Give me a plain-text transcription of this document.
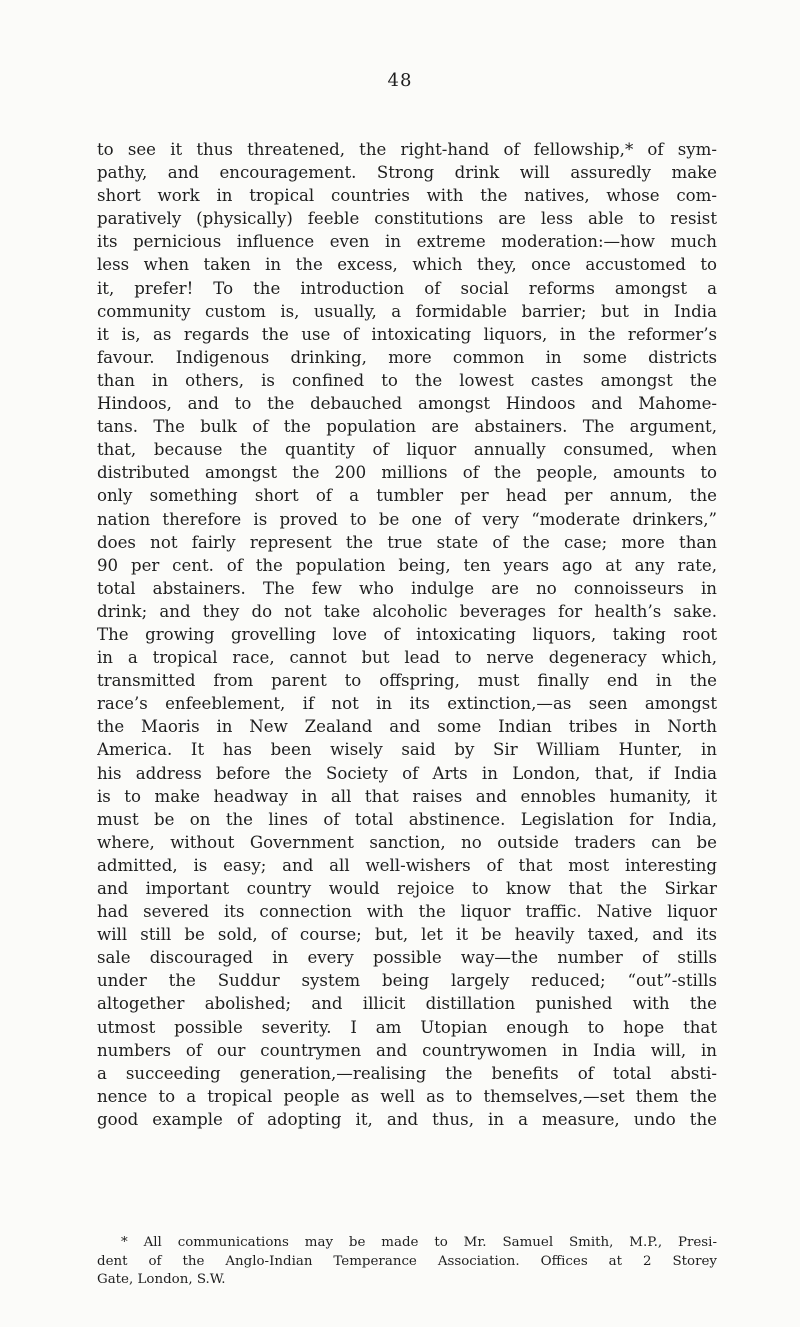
48
to see it thus threatened, the right-hand of fellowship,* of sym-
pathy, and encouragement. Strong drink will assuredly make
short work in tropical countries with the natives, whose com-
paratively (physically) feeble constitutions are less able to resist
its pernicious influence even in extreme moderation:—how much
less when taken in the excess, which they, once accustomed to
it, prefer! To the introduction of social reforms amongst a
community custom is, usually, a formidable barrier; but in India
it is, as regards the use of intoxicating liquors, in the reformer’s
favour. Indigenous drinking, more common in some districts
than in others, is confined to the lowest castes amongst the
Hindoos, and to the debauched amongst Hindoos and Mahome-
tans. The bulk of the population are abstainers. The argument,
that, because the quantity of liquor annually consumed, when
distributed amongst the 200 millions of the people, amounts to
only something short of a tumbler per head per annum, the
nation therefore is proved to be one of very “moderate drinkers,”
does not fairly represent the true state of the case; more than
90 per cent. of the population being, ten years ago at any rate,
total abstainers. The few who indulge are no connoisseurs in
drink; and they do not take alcoholic beverages for health’s sake.
The growing grovelling love of intoxicating liquors, taking root
in a tropical race, cannot but lead to nerve degeneracy which,
transmitted from parent to offspring, must finally end in the
race’s enfeeblement, if not in its extinction,—as seen amongst
the Maoris in New Zealand and some Indian tribes in North
America. It has been wisely said by Sir William Hunter, in
his address before the Society of Arts in London, that, if India
is to make headway in all that raises and ennobles humanity, it
must be on the lines of total abstinence. Legislation for India,
where, without Government sanction, no outside traders can be
admitted, is easy; and all well-wishers of that most interesting
and important country would rejoice to know that the Sirkar
had severed its connection with the liquor traffic. Native liquor
will still be sold, of course; but, let it be heavily taxed, and its
sale discouraged in every possible way—the number of stills
under the Suddur system being largely reduced; “out”-stills
altogether abolished; and illicit distillation punished with the
utmost possible severity. I am Utopian enough to hope that
numbers of our countrymen and countrywomen in India will, in
a succeeding generation,—realising the benefits of total absti-
nence to a tropical people as well as to themselves,—set them the
good example of adopting it, and thus, in a measure, undo the
* All communications may be made to Mr. Samuel Smith, M.P., Presi-
dent of the Anglo-Indian Temperance Association. Offices at 2 Storey
Gate, London, S.W.
